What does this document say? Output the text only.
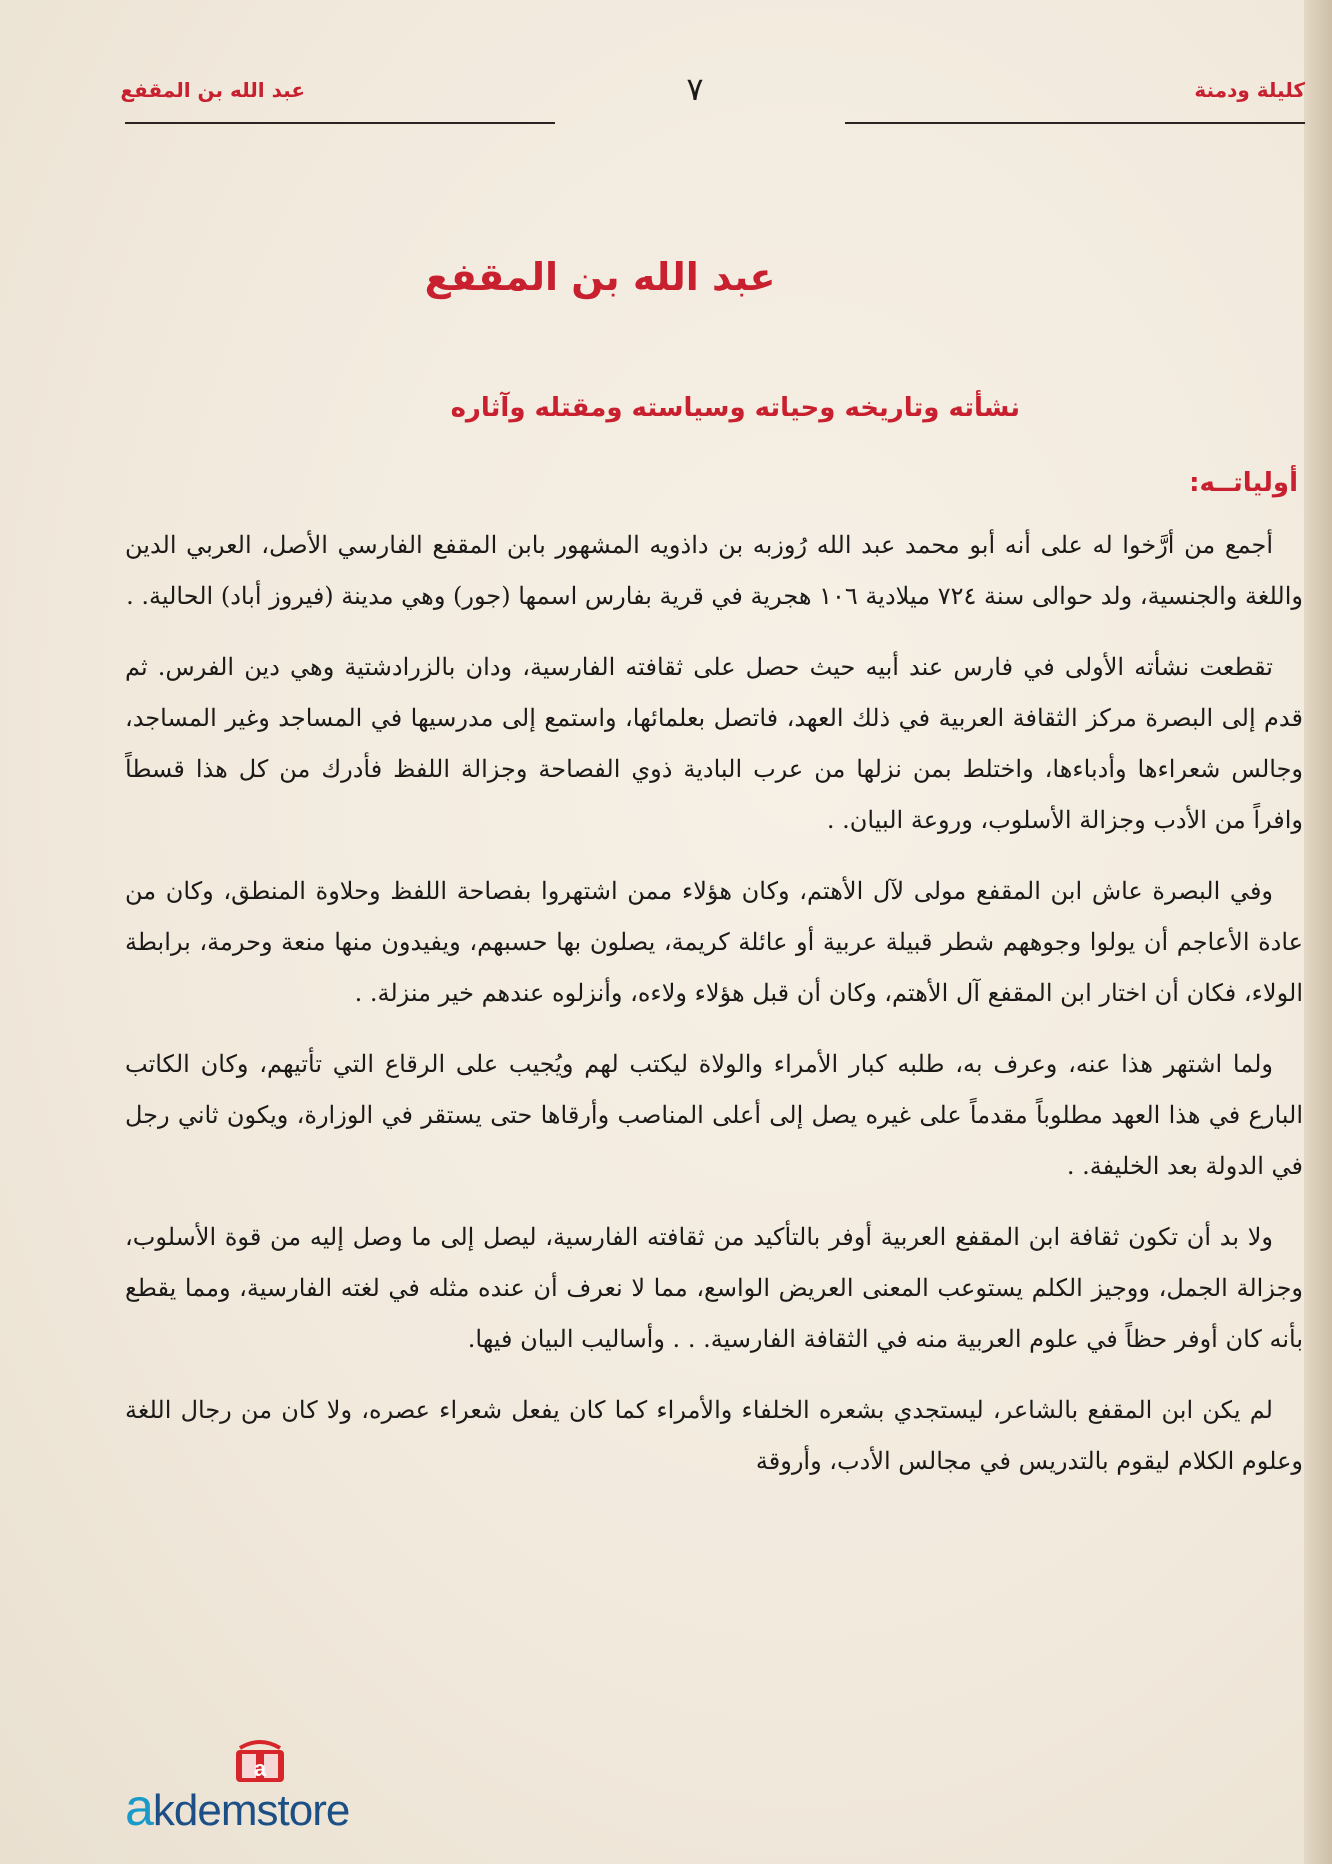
عبد الله بن المقفع	٧	كليلة ودمنة
عبد الله بن المقفع
نشأته وتاريخه وحياته وسياسته ومقتله وآثاره
أولياتــه:

أجمع من أرَّخوا له على أنه أبو محمد عبد الله رُوزبه بن داذويه المشهور بابن المقفع الفارسي الأصل، العربي الدين واللغة والجنسية، ولد حوالى سنة ٧٢٤ ميلادية ١٠٦ هجرية في قرية بفارس اسمها (جور) وهي مدينة (فيروز أباد) الحالية. .

تقطعت نشأته الأولى في فارس عند أبيه حيث حصل على ثقافته الفارسية، ودان بالزرادشتية وهي دين الفرس. ثم قدم إلى البصرة مركز الثقافة العربية في ذلك العهد، فاتصل بعلمائها، واستمع إلى مدرسيها في المساجد وغير المساجد، وجالس شعراءها وأدباءها، واختلط بمن نزلها من عرب البادية ذوي الفصاحة وجزالة اللفظ فأدرك من كل هذا قسطاً وافراً من الأدب وجزالة الأسلوب، وروعة البيان. .

وفي البصرة عاش ابن المقفع مولى لآل الأهتم، وكان هؤلاء ممن اشتهروا بفصاحة اللفظ وحلاوة المنطق، وكان من عادة الأعاجم أن يولوا وجوههم شطر قبيلة عربية أو عائلة كريمة، يصلون بها حسبهم، ويفيدون منها منعة وحرمة، برابطة الولاء، فكان أن اختار ابن المقفع آل الأهتم، وكان أن قبل هؤلاء ولاءه، وأنزلوه عندهم خير منزلة. .

ولما اشتهر هذا عنه، وعرف به، طلبه كبار الأمراء والولاة ليكتب لهم ويُجيب على الرقاع التي تأتيهم، وكان الكاتب البارع في هذا العهد مطلوباً مقدماً على غيره يصل إلى أعلى المناصب وأرقاها حتى يستقر في الوزارة، ويكون ثاني رجل في الدولة بعد الخليفة. .

ولا بد أن تكون ثقافة ابن المقفع العربية أوفر بالتأكيد من ثقافته الفارسية، ليصل إلى ما وصل إليه من قوة الأسلوب، وجزالة الجمل، ووجيز الكلم يستوعب المعنى العريض الواسع، مما لا نعرف أن عنده مثله في لغته الفارسية، ومما يقطع بأنه كان أوفر حظاً في علوم العربية منه في الثقافة الفارسية. . . وأساليب البيان فيها.

لم يكن ابن المقفع بالشاعر، ليستجدي بشعره الخلفاء والأمراء كما كان يفعل شعراء عصره، ولا كان من رجال اللغة وعلوم الكلام ليقوم بالتدريس في مجالس الأدب، وأروقة

a
akdemstore
